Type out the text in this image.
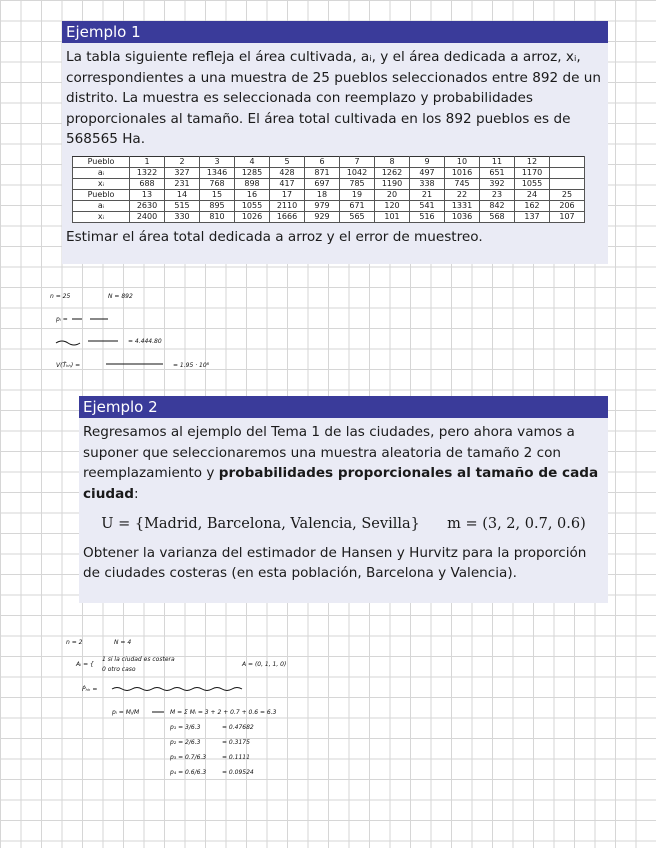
Ejemplo 1

La tabla siguiente refleja el área cultivada, aᵢ, y el área dedicada a arroz, xᵢ, correspondientes a una muestra de 25 pueblos seleccionados entre 892 de un distrito. La muestra es seleccionada con reemplazo y probabilidades proporcionales al tamaño. El área total cultivada en los 892 pueblos es de 568565 Ha.

Pueblo	1	2	3	4	5	6	7	8	9	10	11	12	
aᵢ	1322	327	1346	1285	428	871	1042	1262	497	1016	651	1170	
xᵢ	688	231	768	898	417	697	785	1190	338	745	392	1055	
Pueblo	13	14	15	16	17	18	19	20	21	22	23	24	25
aᵢ	2630	515	895	1055	2110	979	671	120	541	1331	842	162	206
xᵢ	2400	330	810	1026	1666	929	565	101	516	1036	568	137	107

Estimar el área total dedicada a arroz y el error de muestreo.

n = 25	N = 892
pᵢ =
= 4.444.80
V(T̂ₕₕ) =	= 1.95 · 10⁸
Ejemplo 2

Regresamos al ejemplo del Tema 1 de las ciudades, pero ahora vamos a suponer que seleccionaremos una muestra aleatoria de tamaño 2 con reemplazamiento y probabilidades proporcionales al tamaño de cada ciudad:

U = {Madrid, Barcelona, Valencia, Sevilla} m = (3, 2, 0.7, 0.6)

Obtener la varianza del estimador de Hansen y Hurvitz para la proporción de ciudades costeras (en esta población, Barcelona y Valencia).

n = 2	N = 4
Aᵢ = {
1 si la ciudad es costera
0 otro caso
A = (0, 1, 1, 0)
P̂ₕₕ =
pᵢ = Mᵢ/M	M = Σ Mᵢ = 3 + 2 + 0.7 + 0.6 = 6.3
p₁ = 3/6.3	= 0.47682
p₂ = 2/6.3	= 0.3175
p₃ = 0.7/6.3	= 0.1111
p₄ = 0.6/6.3	= 0.09524
